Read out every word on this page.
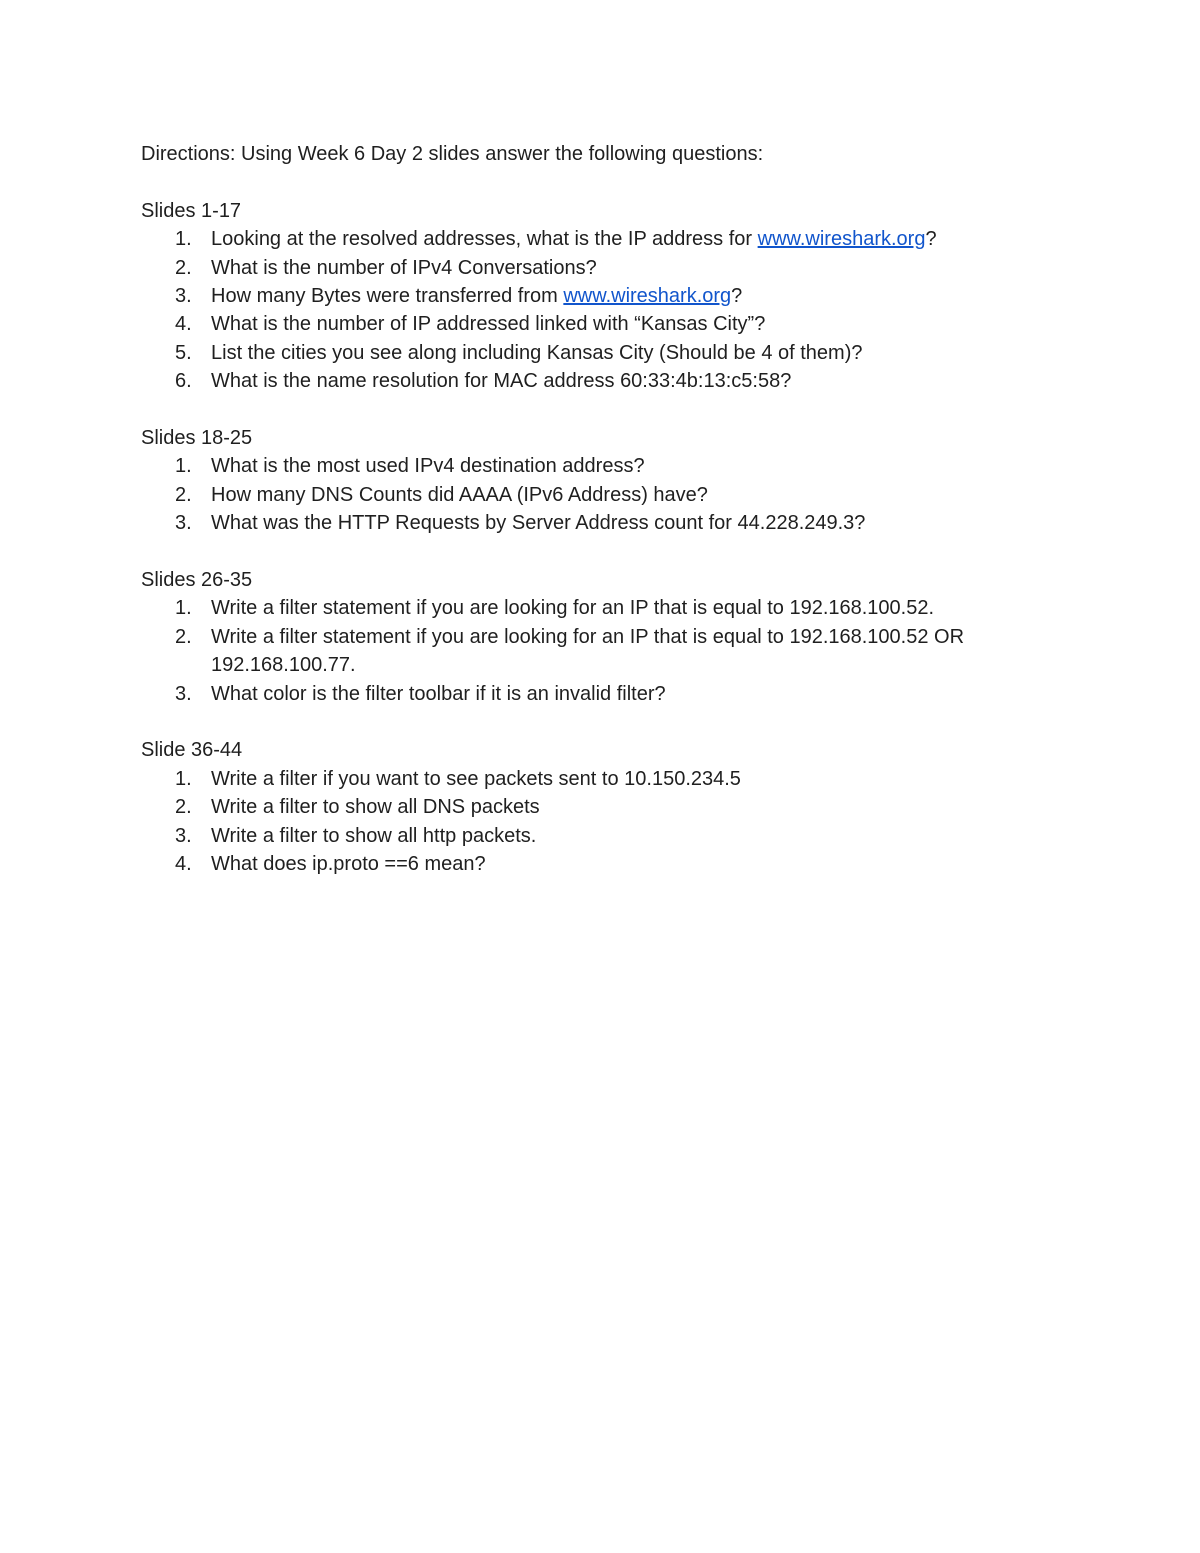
Directions: Using Week 6 Day 2 slides answer the following questions:
Slides 1-17
1. Looking at the resolved addresses, what is the IP address for www.wireshark.org?
2. What is the number of IPv4 Conversations?
3. How many Bytes were transferred from www.wireshark.org?
4. What is the number of IP addressed linked with “Kansas City”?
5. List the cities you see along including Kansas City (Should be 4 of them)?
6. What is the name resolution for MAC address 60:33:4b:13:c5:58?
Slides 18-25
1. What is the most used IPv4 destination address?
2. How many DNS Counts did AAAA (IPv6 Address) have?
3. What was the HTTP Requests by Server Address count for 44.228.249.3?
Slides 26-35
1. Write a filter statement if you are looking for an IP that is equal to 192.168.100.52.
2. Write a filter statement if you are looking for an IP that is equal to 192.168.100.52 OR 192.168.100.77.
3. What color is the filter toolbar if it is an invalid filter?
Slide 36-44
1. Write a filter if you want to see packets sent to 10.150.234.5
2. Write a filter to show all DNS packets
3. Write a filter to show all http packets.
4. What does ip.proto ==6 mean?
